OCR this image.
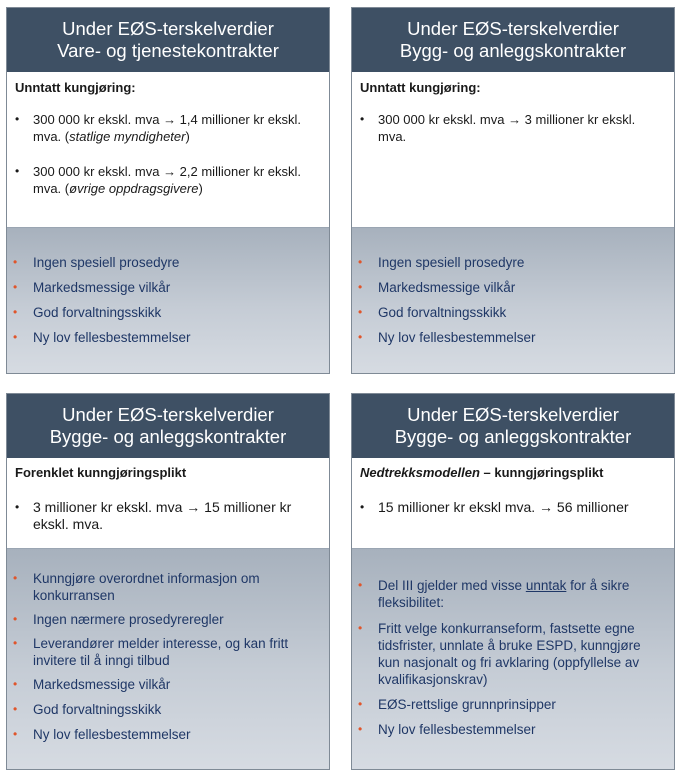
Under EØS-terskelverdier
Vare- og tjenestekontrakter
Unntatt kungjøring:
• 300 000 kr ekskl. mva → 1,4 millioner kr ekskl. mva. (statlige myndigheter)
• 300 000 kr ekskl. mva → 2,2 millioner kr ekskl. mva. (øvrige oppdragsgivere)
• Ingen spesiell prosedyre
• Markedsmessige vilkår
• God forvaltningsskikk
• Ny lov fellesbestemmelser
Under EØS-terskelverdier
Bygg- og anleggskontrakter
Unntatt kungjøring:
• 300 000 kr ekskl. mva → 3 millioner kr ekskl. mva.
• Ingen spesiell prosedyre
• Markedsmessige vilkår
• God forvaltningsskikk
• Ny lov fellesbestemmelser
Under EØS-terskelverdier
Bygge- og anleggskontrakter
Forenklet kunngjøringsplikt
• 3 millioner kr ekskl. mva → 15 millioner kr ekskl. mva.
• Kunngjøre overordnet informasjon om konkurransen
• Ingen nærmere prosedyreregler
• Leverandører melder interesse, og kan fritt invitere til å inngi tilbud
• Markedsmessige vilkår
• God forvaltningsskikk
• Ny lov fellesbestemmelser
Under EØS-terskelverdier
Bygge- og anleggskontrakter
Nedtrekksmodellen – kunngjøringsplikt
• 15 millioner kr ekskl mva. → 56 millioner
• Del III gjelder med visse unntak for å sikre fleksibilitet:
• Fritt velge konkurranseform, fastsette egne tidsfrister, unnlate å bruke ESPD, kunngjøre kun nasjonalt og fri avklaring (oppfyllelse av kvalifikasjonskrav)
• EØS-rettslige grunnprinsipper
• Ny lov fellesbestemmelser
